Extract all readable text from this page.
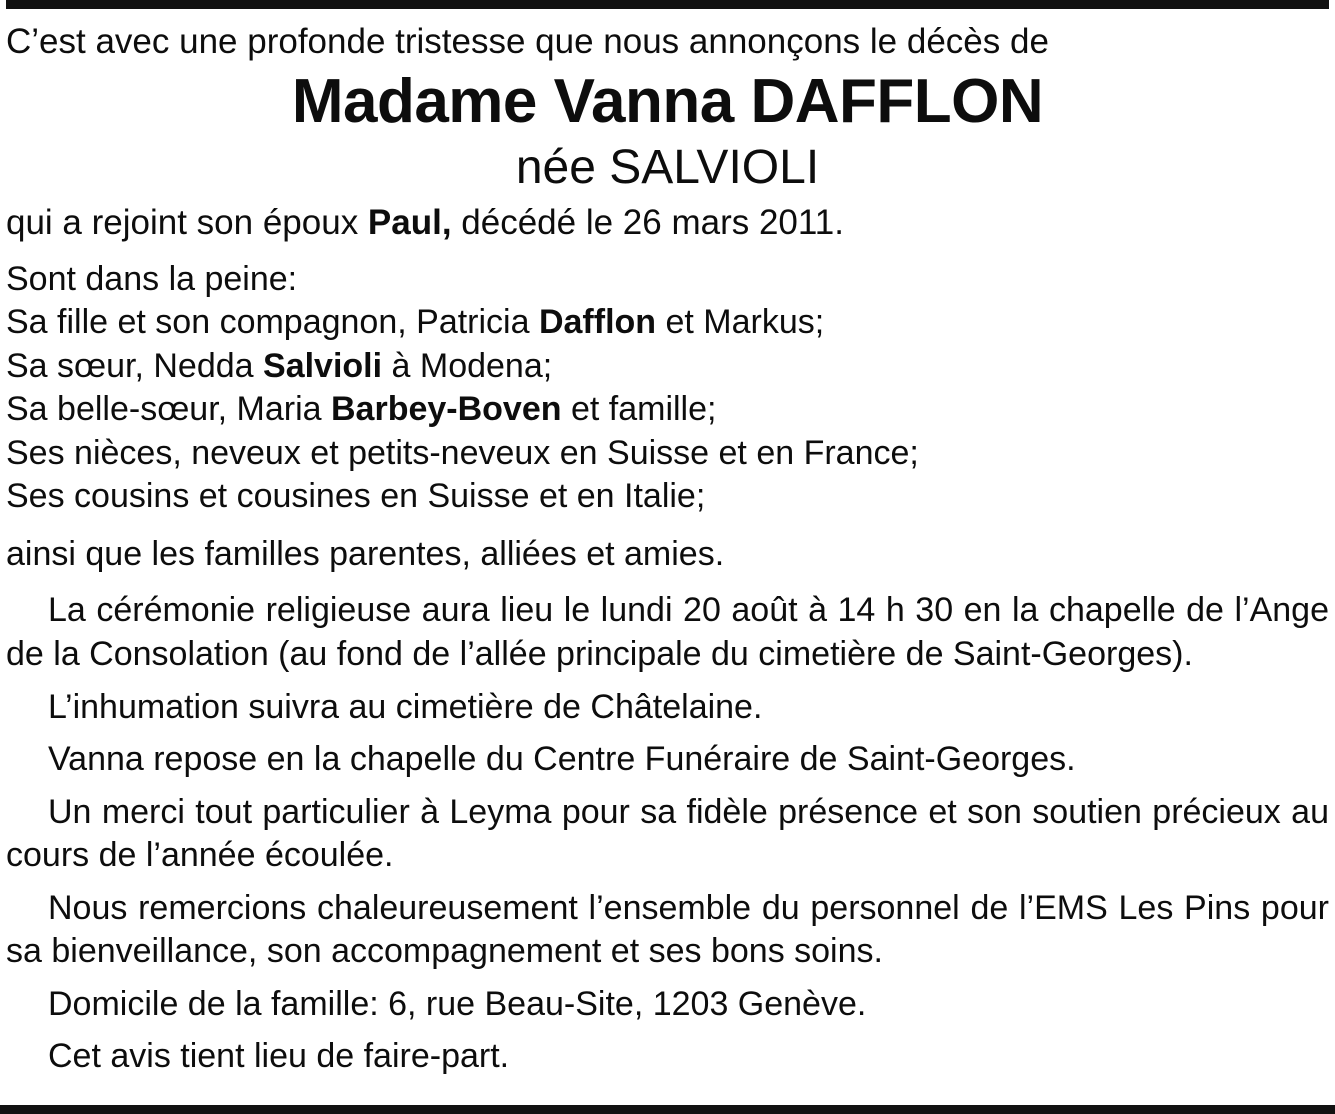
C’est avec une profonde tristesse que nous annonçons le décès de

Madame Vanna DAFFLON

née SALVIOLI

qui a rejoint son époux Paul, décédé le 26 mars 2011.

Sont dans la peine:
Sa fille et son compagnon, Patricia Dafflon et Markus;
Sa sœur, Nedda Salvioli à Modena;
Sa belle-sœur, Maria Barbey-Boven et famille;
Ses nièces, neveux et petits-neveux en Suisse et en France;
Ses cousins et cousines en Suisse et en Italie;

ainsi que les familles parentes, alliées et amies.

La cérémonie religieuse aura lieu le lundi 20 août à 14 h 30 en la chapelle de l’Ange de la Consolation (au fond de l’allée principale du cimetière de Saint-Georges).

L’inhumation suivra au cimetière de Châtelaine.

Vanna repose en la chapelle du Centre Funéraire de Saint-Georges.

Un merci tout particulier à Leyma pour sa fidèle présence et son soutien précieux au cours de l’année écoulée.

Nous remercions chaleureusement l’ensemble du personnel de l’EMS Les Pins pour sa bienveillance, son accompagnement et ses bons soins.

Domicile de la famille: 6, rue Beau-Site, 1203 Genève.

Cet avis tient lieu de faire-part.
